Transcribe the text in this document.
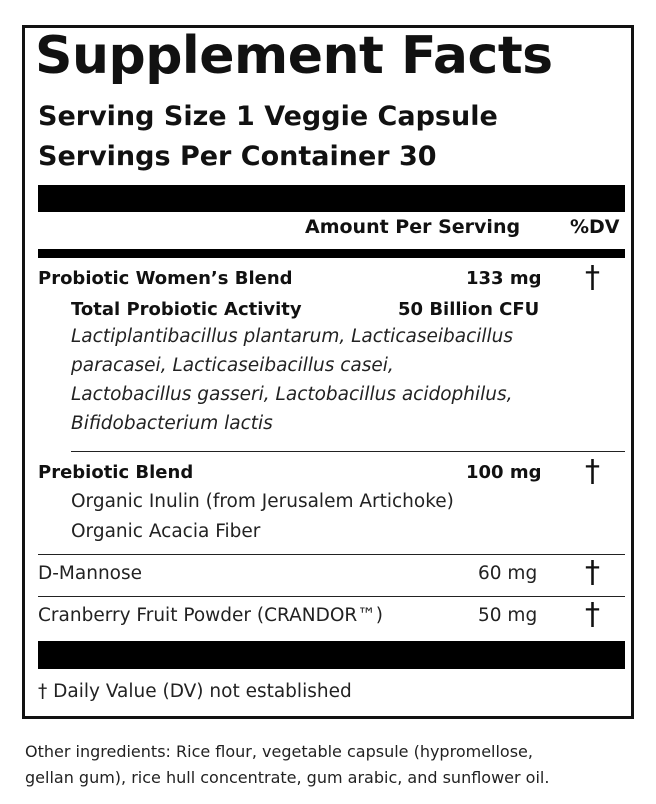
Supplement Facts
Serving Size 1 Veggie Capsule
Servings Per Container 30
Amount Per Serving	%DV
Probiotic Women’s Blend	133 mg †
Total Probiotic Activity	50 Billion CFU
Lactiplantibacillus plantarum, Lacticaseibacillus
paracasei, Lacticaseibacillus casei,
Lactobacillus gasseri, Lactobacillus acidophilus,
Bifidobacterium lactis
Prebiotic Blend	100 mg †
Organic Inulin (from Jerusalem Artichoke)
Organic Acacia Fiber
D-Mannose	60 mg †
Cranberry Fruit Powder (CRANDOR™)	50 mg †
† Daily Value (DV) not established
Other ingredients: Rice flour, vegetable capsule (hypromellose,
gellan gum), rice hull concentrate, gum arabic, and sunflower oil.
